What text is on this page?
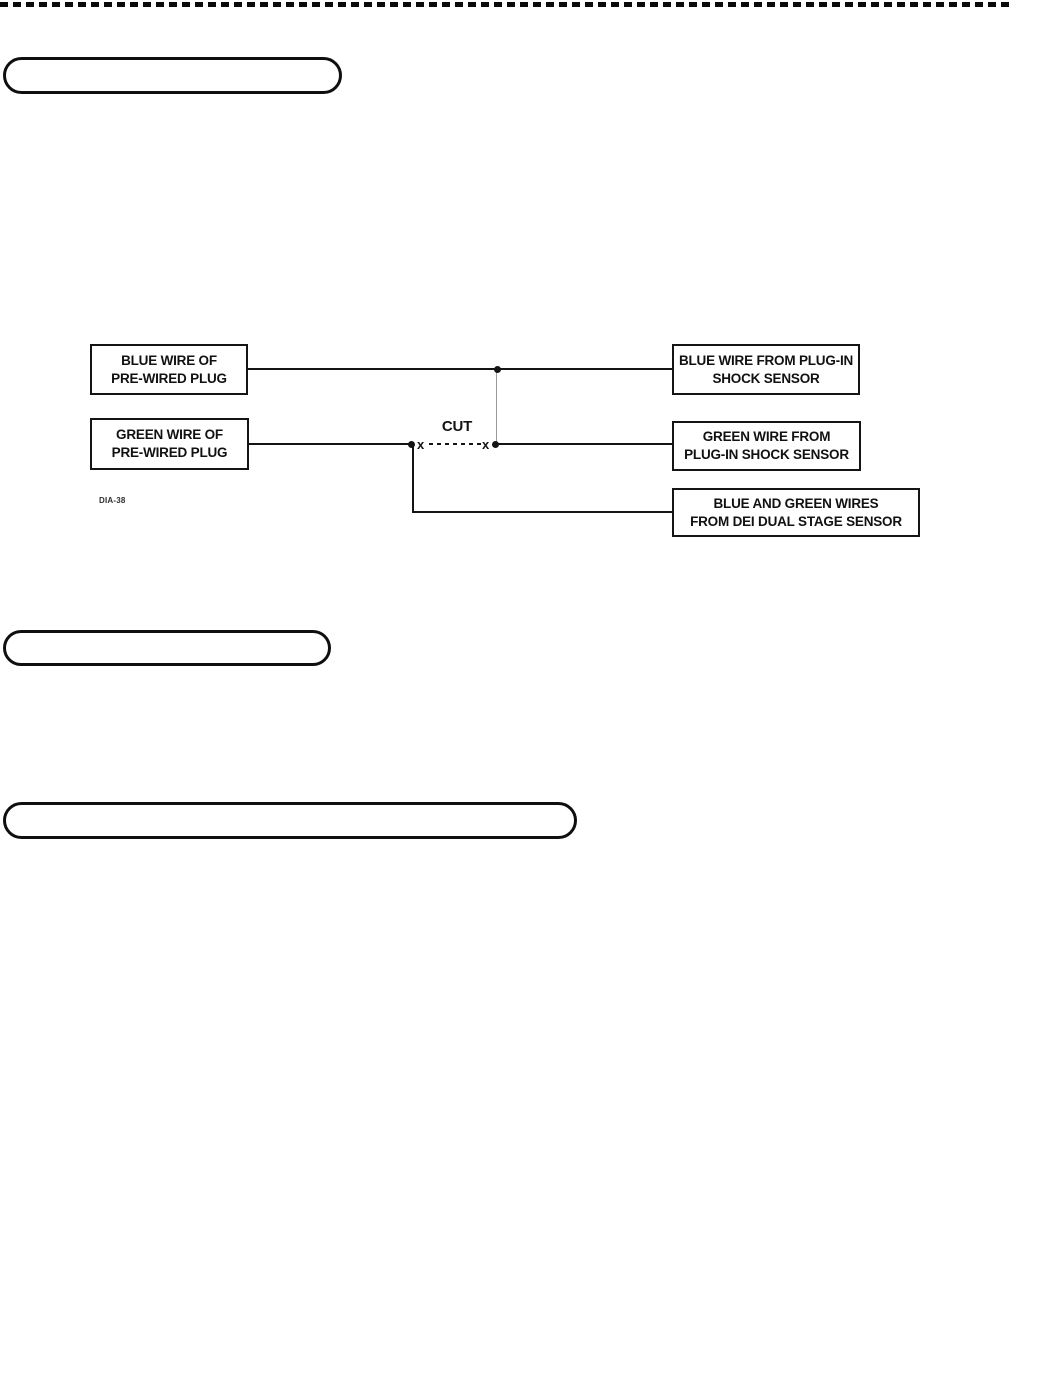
BLUE WIRE OF
PRE-WIRED PLUG
GREEN WIRE OF
PRE-WIRED PLUG
BLUE WIRE FROM PLUG-IN
SHOCK SENSOR
GREEN WIRE FROM
PLUG-IN SHOCK SENSOR
BLUE AND GREEN WIRES
FROM DEI DUAL STAGE SENSOR
x	x
CUT
DIA-38
